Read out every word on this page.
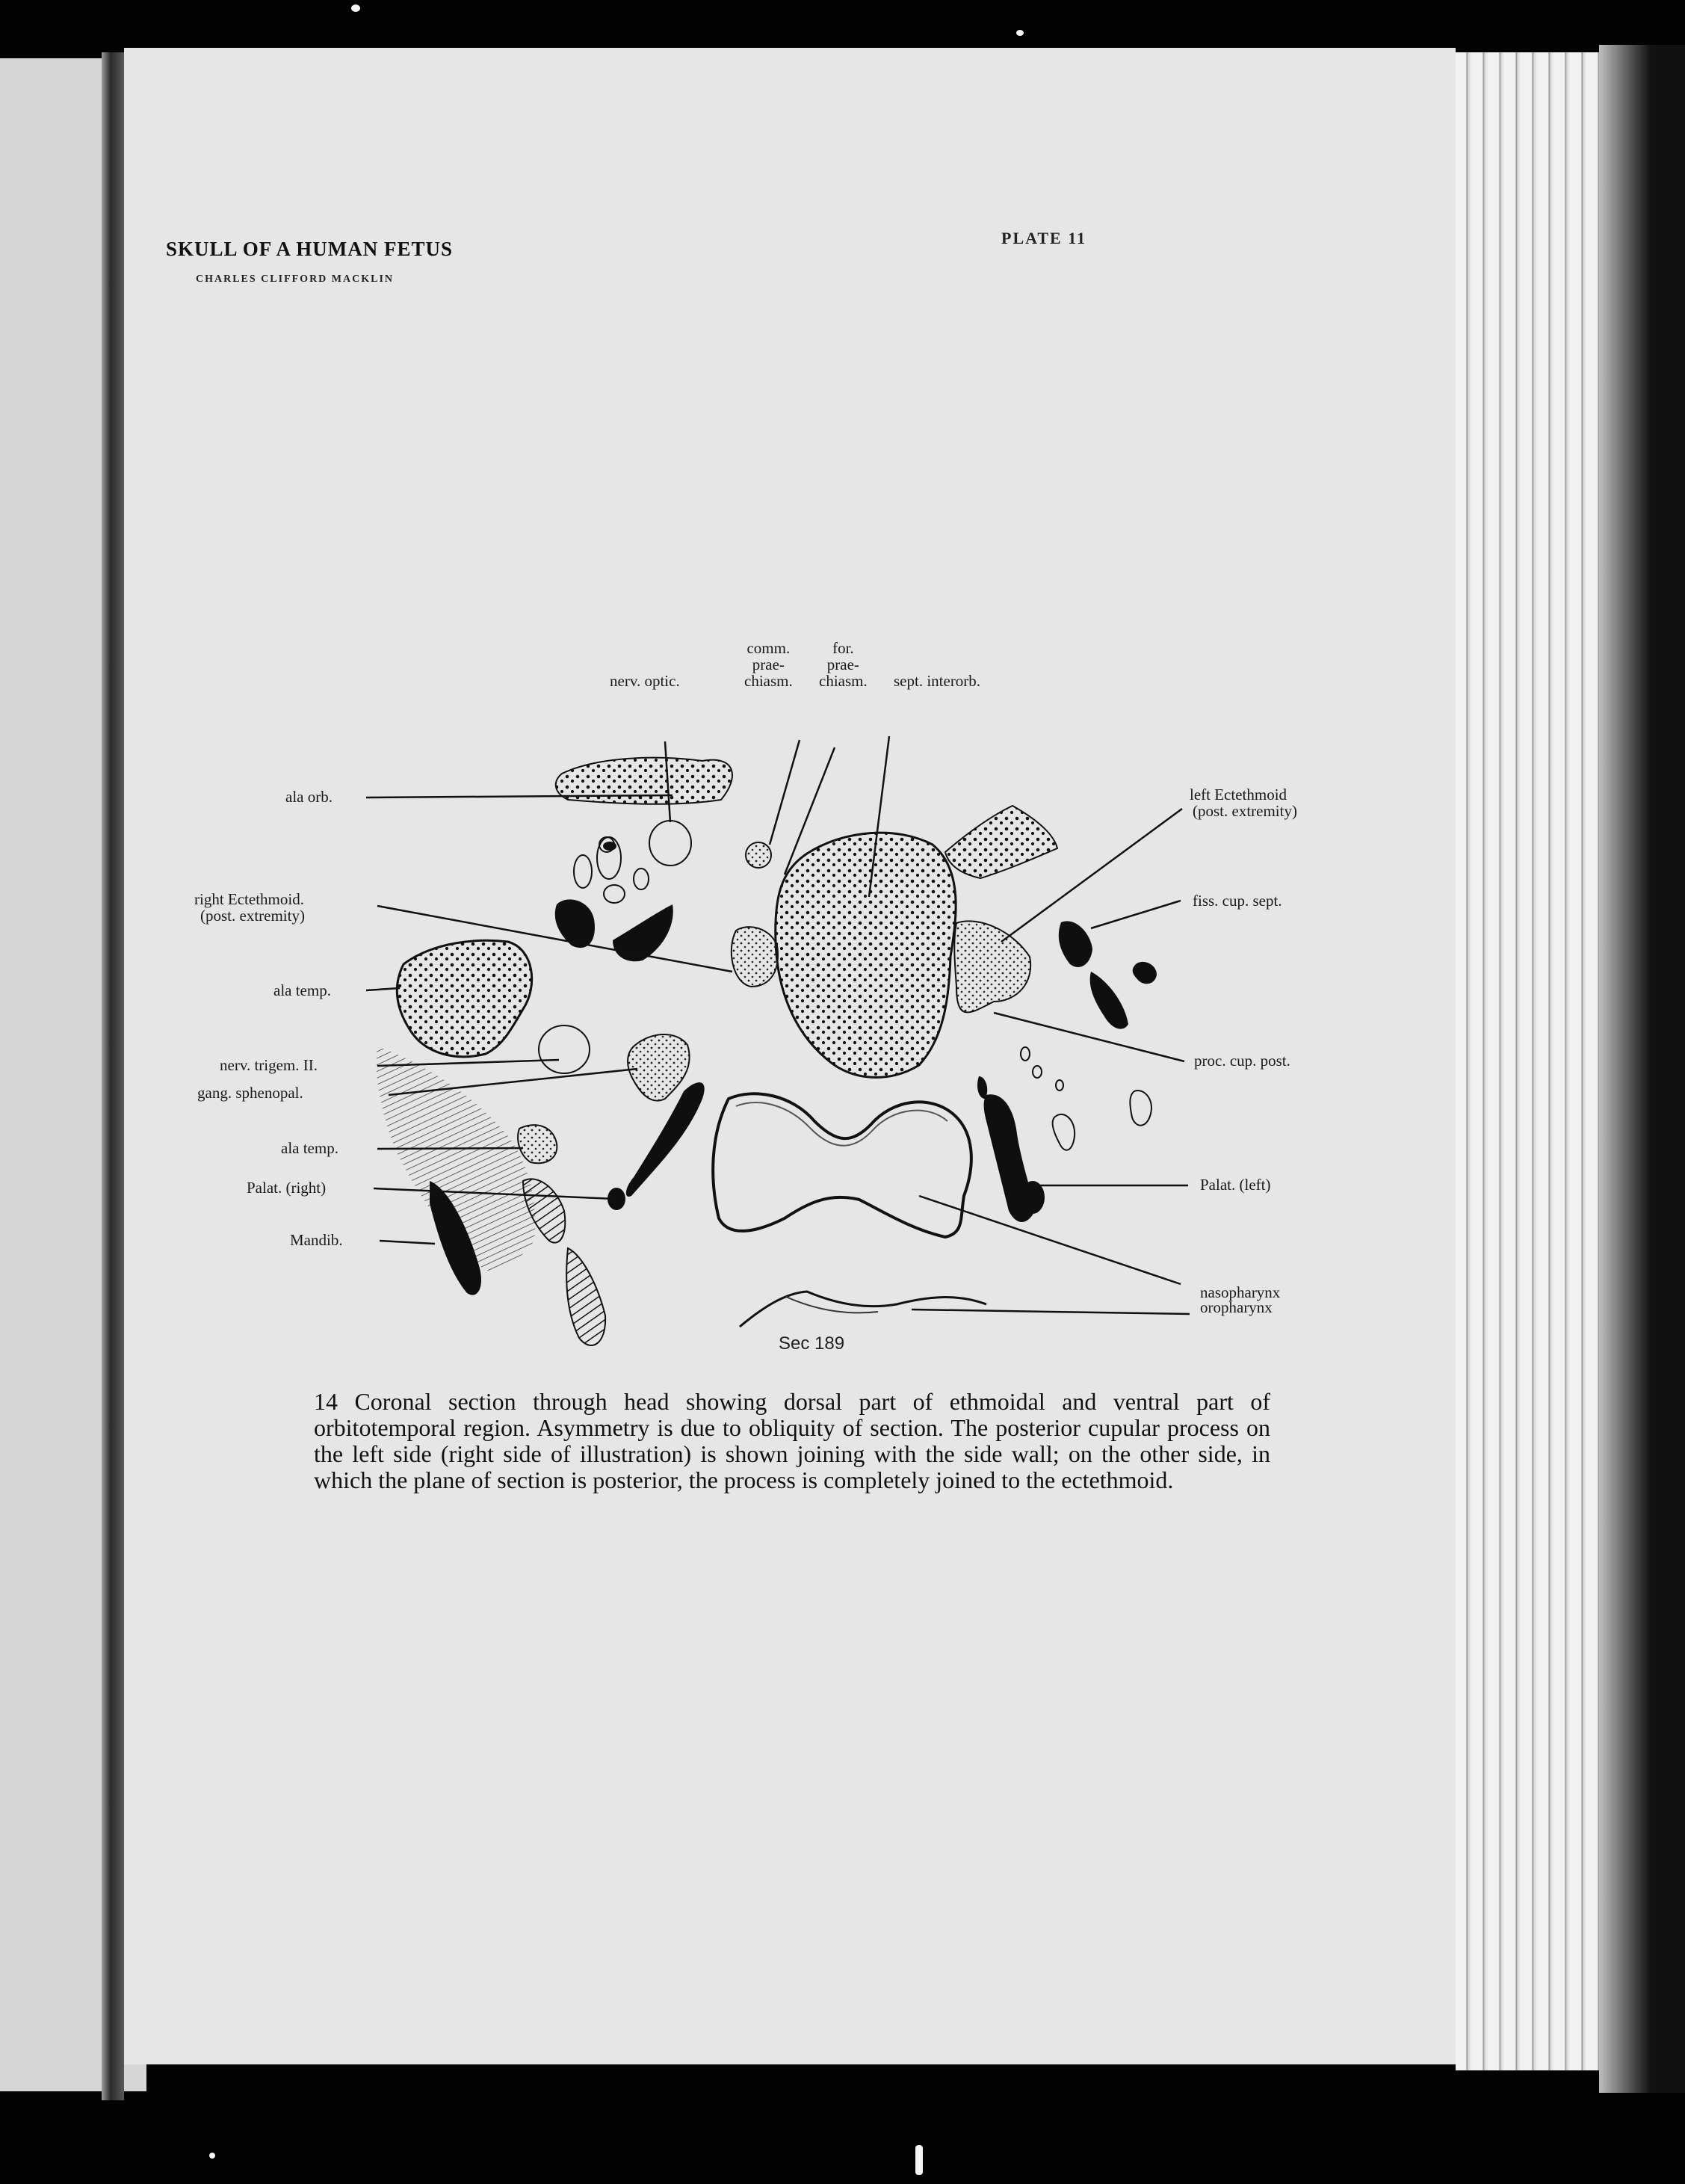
SKULL OF A HUMAN FETUS
CHARLES CLIFFORD MACKLIN
PLATE 11
comm.
prae-
chiasm.
for.
prae-
chiasm.
nerv. optic.	sept. interorb.
ala orb.
right Ectethmoid.
(post. extremity)
ala temp.
nerv. trigem. II.
gang. sphenopal.
ala temp.
Palat. (right)
Mandib.
left Ectethmoid
(post. extremity)
fiss. cup. sept.
proc. cup. post.
Palat. (left)
nasopharynx
oropharynx
Sec 189
14 Coronal section through head showing dorsal part of ethmoidal and ventral part of orbitotemporal region. Asymmetry is due to obliquity of section. The posterior cupular process on the left side (right side of illustration) is shown joining with the side wall; on the other side, in which the plane of section is posterior, the process is completely joined to the ectethmoid.
